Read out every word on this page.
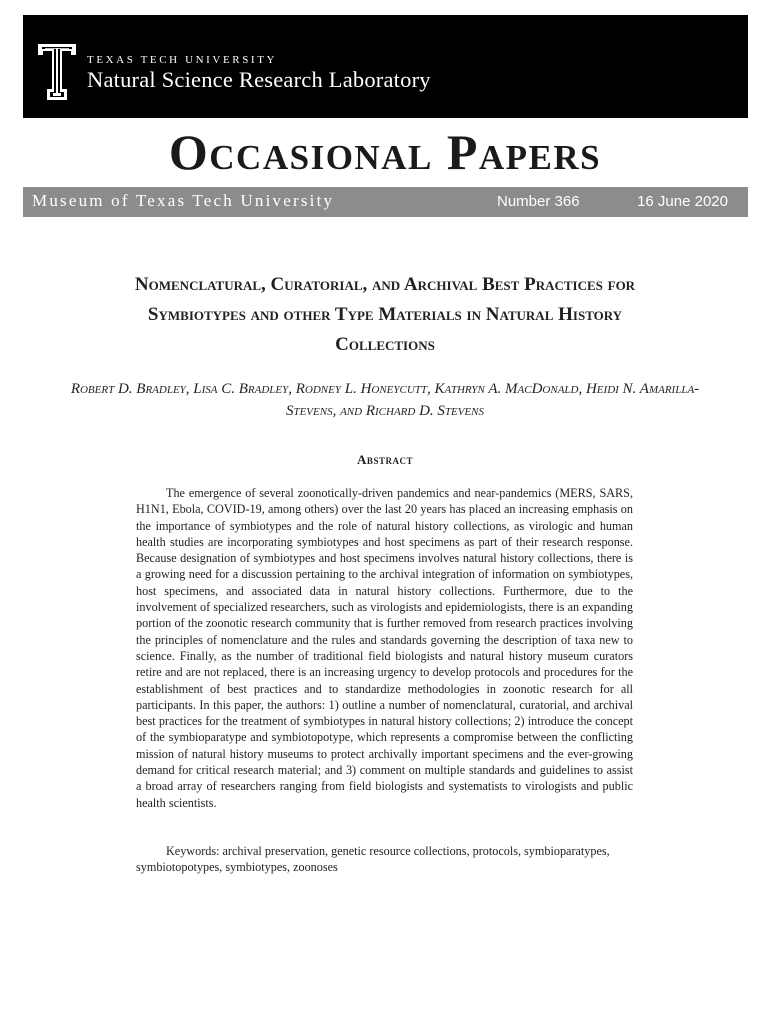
TEXAS TECH UNIVERSITY
Natural Science Research Laboratory
Occasional Papers
Museum of Texas Tech University	Number 366	16 June 2020
Nomenclatural, Curatorial, and Archival Best Practices for Symbiotypes and other Type Materials in Natural History Collections
Robert D. Bradley, Lisa C. Bradley, Rodney L. Honeycutt, Kathryn A. MacDonald, Heidi N. Amarilla-Stevens, and Richard D. Stevens
Abstract

The emergence of several zoonotically-driven pandemics and near-pandemics (MERS, SARS, H1N1, Ebola, COVID-19, among others) over the last 20 years has placed an increasing emphasis on the importance of symbiotypes and the role of natural history collections, as virologic and human health studies are incorporating symbiotypes and host specimens as part of their research response. Because designation of symbiotypes and host specimens involves natural history collections, there is a growing need for a discussion pertaining to the archival integration of information on symbiotypes, host specimens, and associated data in natural history collections. Furthermore, due to the involvement of specialized researchers, such as virologists and epidemiologists, there is an expanding portion of the zoonotic research community that is further removed from research practices involving the principles of nomenclature and the rules and standards governing the description of taxa new to science. Finally, as the number of traditional field biologists and natural history museum curators retire and are not replaced, there is an increasing urgency to develop protocols and procedures for the establishment of best practices and to standardize methodologies in zoonotic research for all participants. In this paper, the authors: 1) outline a number of nomenclatural, curatorial, and archival best practices for the treatment of symbiotypes in natural history collections; 2) introduce the concept of the symbioparatype and symbiotopotype, which represents a compromise between the conflicting mission of natural history museums to protect archivally important specimens and the ever-growing demand for critical research material; and 3) comment on multiple standards and guidelines to assist a broad array of researchers ranging from field biologists and systematists to virologists and public health scientists.

Keywords: archival preservation, genetic resource collections, protocols, symbioparatypes, symbiotopotypes, symbiotypes, zoonoses
